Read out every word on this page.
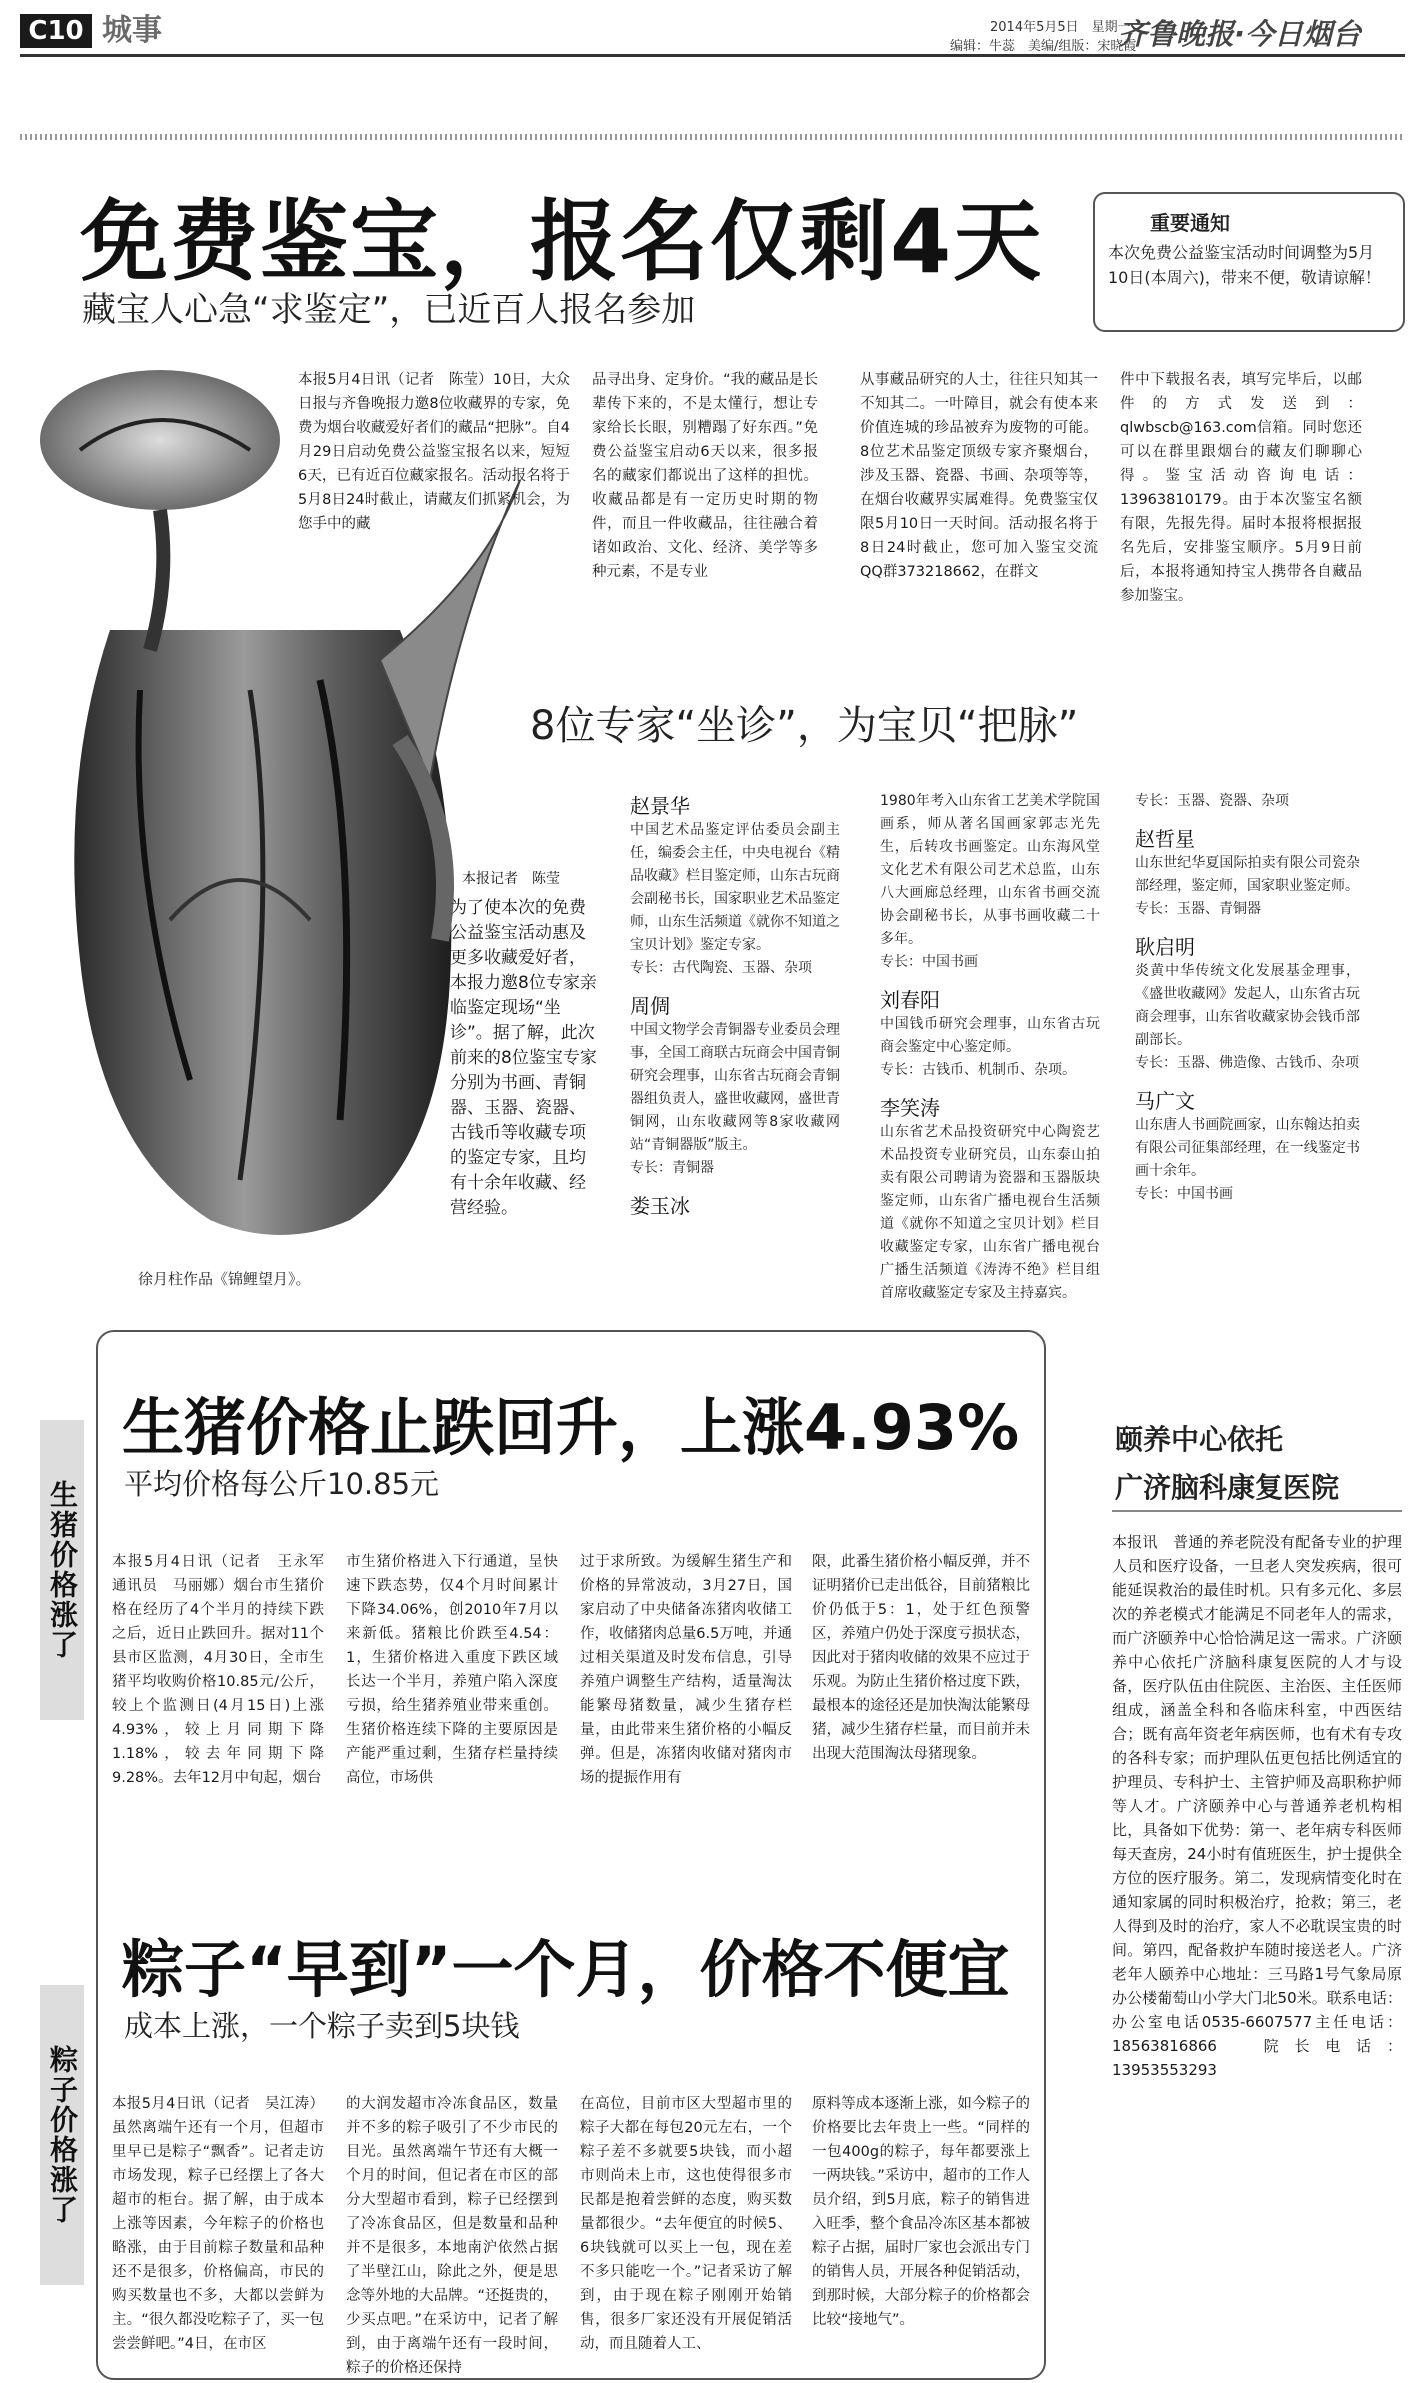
C10 城事	2014年5月5日　星期一
编辑：牛蕊　美编/组版：宋晓霞
齐鲁晚报·今日烟台
免费鉴宝，报名仅剩4天
藏宝人心急“求鉴定”，已近百人报名参加
重要通知
本次免费公益鉴宝活动时间调整为5月10日(本周六)，带来不便，敬请谅解！
徐月柱作品《锦鲤望月》。
本报5月4日讯（记者　陈莹）10日，大众日报与齐鲁晚报力邀8位收藏界的专家，免费为烟台收藏爱好者们的藏品“把脉”。自4月29日启动免费公益鉴宝报名以来，短短6天，已有近百位藏家报名。活动报名将于5月8日24时截止，请藏友们抓紧机会，为您手中的藏
品寻出身、定身价。“我的藏品是长辈传下来的，不是太懂行，想让专家给长长眼，别糟蹋了好东西。”免费公益鉴宝启动6天以来，很多报名的藏家们都说出了这样的担忧。收藏品都是有一定历史时期的物件，而且一件收藏品，往往融合着诸如政治、文化、经济、美学等多种元素，不是专业
从事藏品研究的人士，往往只知其一不知其二。一叶障目，就会有使本来价值连城的珍品被弃为废物的可能。8位艺术品鉴定顶级专家齐聚烟台，涉及玉器、瓷器、书画、杂项等等，在烟台收藏界实属难得。免费鉴宝仅限5月10日一天时间。活动报名将于8日24时截止，您可加入鉴宝交流QQ群373218662，在群文
件中下载报名表，填写完毕后，以邮件的方式发送到：qlwbscb@163.com信箱。同时您还可以在群里跟烟台的藏友们聊聊心得。鉴宝活动咨询电话：13963810179。由于本次鉴宝名额有限，先报先得。届时本报将根据报名先后，安排鉴宝顺序。5月9日前后，本报将通知持宝人携带各自藏品参加鉴宝。
8位专家“坐诊”，为宝贝“把脉”
本报记者　陈莹
为了使本次的免费公益鉴宝活动惠及更多收藏爱好者，本报力邀8位专家亲临鉴定现场“坐诊”。据了解，此次前来的8位鉴宝专家分别为书画、青铜器、玉器、瓷器、古钱币等收藏专项的鉴定专家，且均有十余年收藏、经营经验。
赵景华
中国艺术品鉴定评估委员会副主任，编委会主任，中央电视台《精品收藏》栏目鉴定师，山东古玩商会副秘书长，国家职业艺术品鉴定师，山东生活频道《就你不知道之宝贝计划》鉴定专家。
专长：古代陶瓷、玉器、杂项
周倜
中国文物学会青铜器专业委员会理事，全国工商联古玩商会中国青铜研究会理事，山东省古玩商会青铜器组负责人，盛世收藏网，盛世青铜网，山东收藏网等8家收藏网站“青铜器版”版主。
专长：青铜器
娄玉冰
1980年考入山东省工艺美术学院国画系，师从著名国画家郭志光先生，后转攻书画鉴定。山东海风堂文化艺术有限公司艺术总监，山东八大画廊总经理，山东省书画交流协会副秘书长，从事书画收藏二十多年。
专长：中国书画
刘春阳
中国钱币研究会理事，山东省古玩商会鉴定中心鉴定师。
专长：古钱币、机制币、杂项。
李笑涛
山东省艺术品投资研究中心陶瓷艺术品投资专业研究员，山东泰山拍卖有限公司聘请为瓷器和玉器版块鉴定师，山东省广播电视台生活频道《就你不知道之宝贝计划》栏目收藏鉴定专家，山东省广播电视台广播生活频道《涛涛不绝》栏目组首席收藏鉴定专家及主持嘉宾。
专长：玉器、瓷器、杂项
赵哲星
山东世纪华夏国际拍卖有限公司瓷杂部经理，鉴定师，国家职业鉴定师。
专长：玉器、青铜器
耿启明
炎黄中华传统文化发展基金理事，《盛世收藏网》发起人，山东省古玩商会理事，山东省收藏家协会钱币部副部长。
专长：玉器、佛造像、古钱币、杂项
马广文
山东唐人书画院画家，山东翰达拍卖有限公司征集部经理，在一线鉴定书画十余年。
专长：中国书画
生猪价格涨了
生猪价格止跌回升，上涨4.93%
平均价格每公斤10.85元
本报5月4日讯（记者　王永军　通讯员　马丽娜）烟台市生猪价格在经历了4个半月的持续下跌之后，近日止跌回升。据对11个县市区监测，4月30日，全市生猪平均收购价格10.85元/公斤，较上个监测日(4月15日)上涨4.93%，较上月同期下降1.18%，较去年同期下降9.28%。去年12月中旬起，烟台
市生猪价格进入下行通道，呈快速下跌态势，仅4个月时间累计下降34.06%，创2010年7月以来新低。猪粮比价跌至4.54：1，生猪价格进入重度下跌区域长达一个半月，养殖户陷入深度亏损，给生猪养殖业带来重创。生猪价格连续下降的主要原因是产能严重过剩，生猪存栏量持续高位，市场供
过于求所致。为缓解生猪生产和价格的异常波动，3月27日，国家启动了中央储备冻猪肉收储工作，收储猪肉总量6.5万吨，并通过相关渠道及时发布信息，引导养殖户调整生产结构，适量淘汰能繁母猪数量，减少生猪存栏量，由此带来生猪价格的小幅反弹。但是，冻猪肉收储对猪肉市场的提振作用有
限，此番生猪价格小幅反弹，并不证明猪价已走出低谷，目前猪粮比价仍低于5：1，处于红色预警区，养殖户仍处于深度亏损状态，因此对于猪肉收储的效果不应过于乐观。为防止生猪价格过度下跌，最根本的途径还是加快淘汰能繁母猪，减少生猪存栏量，而目前并未出现大范围淘汰母猪现象。
粽子价格涨了
粽子“早到”一个月，价格不便宜
成本上涨，一个粽子卖到5块钱
本报5月4日讯（记者　吴江涛）虽然离端午还有一个月，但超市里早已是粽子“飘香”。记者走访市场发现，粽子已经摆上了各大超市的柜台。据了解，由于成本上涨等因素，今年粽子的价格也略涨，由于目前粽子数量和品种还不是很多，价格偏高，市民的购买数量也不多，大都以尝鲜为主。“很久都没吃粽子了，买一包尝尝鲜吧。”4日，在市区
的大润发超市冷冻食品区，数量并不多的粽子吸引了不少市民的目光。虽然离端午节还有大概一个月的时间，但记者在市区的部分大型超市看到，粽子已经摆到了冷冻食品区，但是数量和品种并不是很多，本地南沪依然占据了半壁江山，除此之外，便是思念等外地的大品牌。“还挺贵的，少买点吧。”在采访中，记者了解到，由于离端午还有一段时间，粽子的价格还保持
在高位，目前市区大型超市里的粽子大都在每包20元左右，一个粽子差不多就要5块钱，而小超市则尚未上市，这也使得很多市民都是抱着尝鲜的态度，购买数量都很少。“去年便宜的时候5、6块钱就可以买上一包，现在差不多只能吃一个。”记者采访了解到，由于现在粽子刚刚开始销售，很多厂家还没有开展促销活动，而且随着人工、
原料等成本逐渐上涨，如今粽子的价格要比去年贵上一些。“同样的一包400g的粽子，每年都要涨上一两块钱。”采访中，超市的工作人员介绍，到5月底，粽子的销售进入旺季，整个食品冷冻区基本都被粽子占据，届时厂家也会派出专门的销售人员，开展各种促销活动，到那时候，大部分粽子的价格都会比较“接地气”。
颐养中心依托
广济脑科康复医院
本报讯　普通的养老院没有配备专业的护理人员和医疗设备，一旦老人突发疾病，很可能延误救治的最佳时机。只有多元化、多层次的养老模式才能满足不同老年人的需求，而广济颐养中心恰恰满足这一需求。广济颐养中心依托广济脑科康复医院的人才与设备，医疗队伍由住院医、主治医、主任医师组成，涵盖全科和各临床科室，中西医结合；既有高年资老年病医师，也有术有专攻的各科专家；而护理队伍更包括比例适宜的护理员、专科护士、主管护师及高职称护师等人才。广济颐养中心与普通养老机构相比，具备如下优势：第一、老年病专科医师每天查房，24小时有值班医生，护士提供全方位的医疗服务。第二，发现病情变化时在通知家属的同时积极治疗，抢救；第三，老人得到及时的治疗，家人不必耽误宝贵的时间。第四，配备救护车随时接送老人。广济老年人颐养中心地址：三马路1号气象局原办公楼葡萄山小学大门北50米。联系电话：办公室电话0535-6607577主任电话：18563816866　院长电话：13953553293
